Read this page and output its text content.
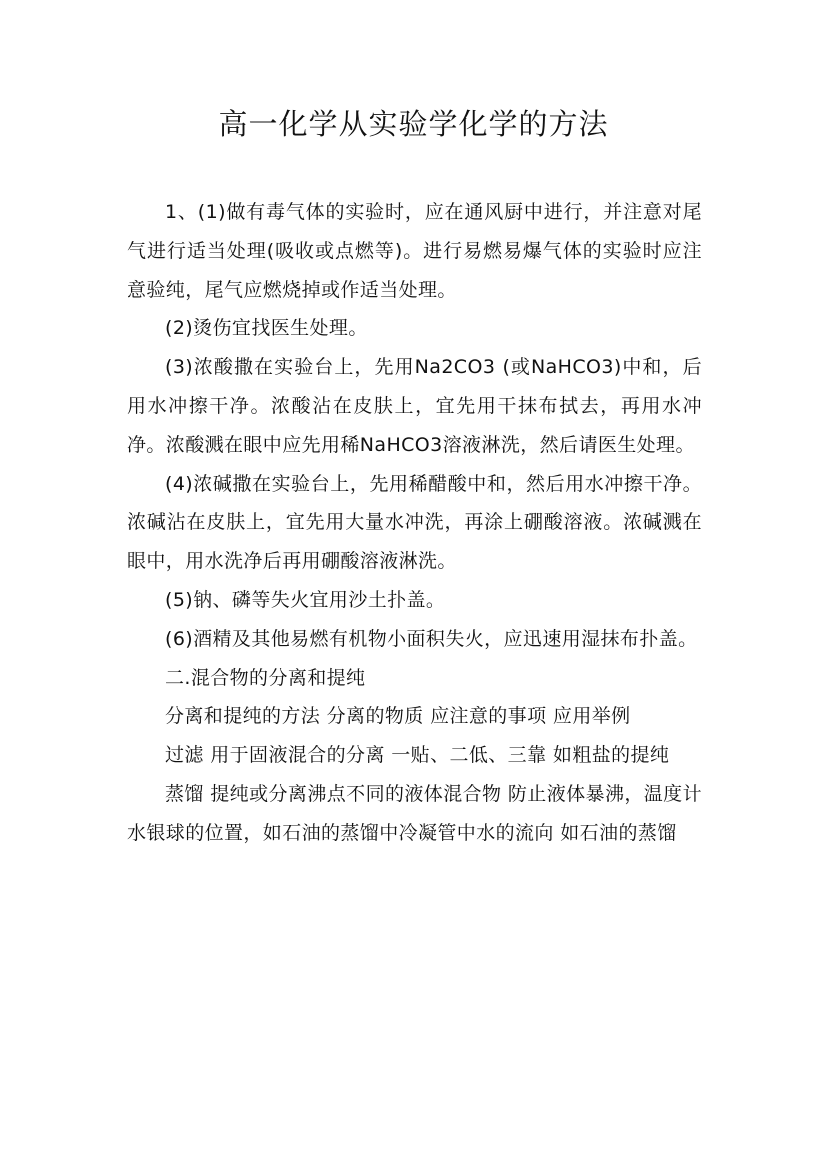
高一化学从实验学化学的方法

1、(1)做有毒气体的实验时，应在通风厨中进行，并注意对尾气进行适当处理(吸收或点燃等)。进行易燃易爆气体的实验时应注意验纯，尾气应燃烧掉或作适当处理。

(2)烫伤宜找医生处理。

(3)浓酸撒在实验台上，先用Na2CO3 (或NaHCO3)中和，后用水冲擦干净。浓酸沾在皮肤上，宜先用干抹布拭去，再用水冲净。浓酸溅在眼中应先用稀NaHCO3溶液淋洗，然后请医生处理。

(4)浓碱撒在实验台上，先用稀醋酸中和，然后用水冲擦干净。浓碱沾在皮肤上，宜先用大量水冲洗，再涂上硼酸溶液。浓碱溅在眼中，用水洗净后再用硼酸溶液淋洗。

(5)钠、磷等失火宜用沙土扑盖。

(6)酒精及其他易燃有机物小面积失火，应迅速用湿抹布扑盖。

二.混合物的分离和提纯

分离和提纯的方法 分离的物质 应注意的事项 应用举例

过滤 用于固液混合的分离 一贴、二低、三靠 如粗盐的提纯

蒸馏 提纯或分离沸点不同的液体混合物 防止液体暴沸，温度计水银球的位置，如石油的蒸馏中冷凝管中水的流向 如石油的蒸馏
